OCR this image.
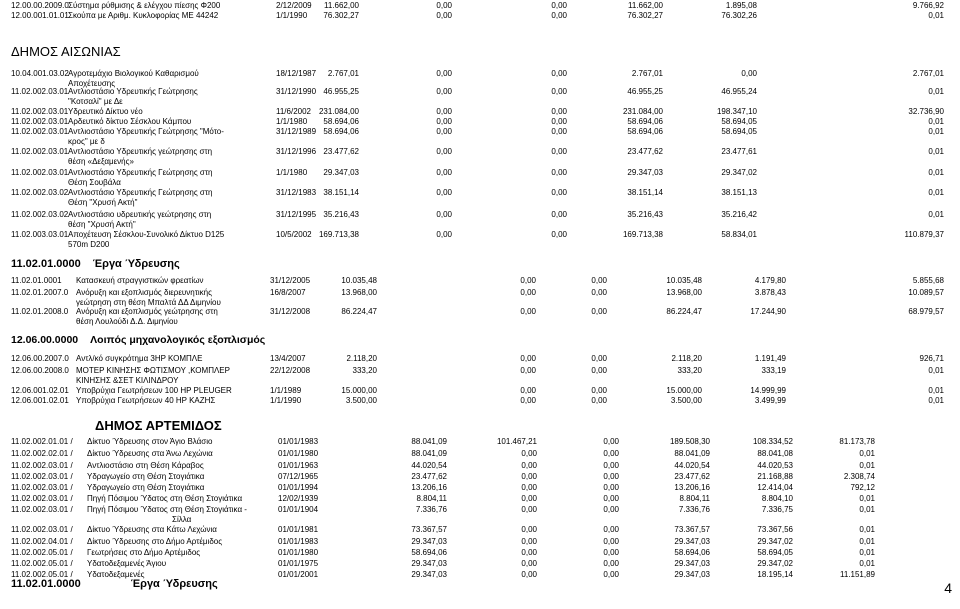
12.00.00.2009.0 Σύστημα ρύθμισης & ελέγχου πίεσης Φ200	2/12/2009 11.662,00	0,00	0,00	11.662,00	1.895,08	9.766,92
12.00.001.01.01 Σκούπα με Αριθμ. Κυκλοφορίας ΜΕ 44242	1/1/1990 76.302,27	0,00	0,00	76.302,27	76.302,26	0,01
ΔΗΜΟΣ ΑΙΣΩΝΙΑΣ
10.04.001.03.02 Αγροτεμάχιο Βιολογικού Καθαρισμού	18/12/1987 2.767,01	0,00	0,00	2.767,01	0,00	2.767,01
Αποχέτευσης
11.02.002.03.01 Αντλιοστάσιο Υδρευτικής Γεώτρησης	31/12/1990 46.955,25	0,00	0,00	46.955,25	46.955,24	0,01
"Κοτσαλί" με Δε
11.02.002.03.01 Υδρευτικό Δίκτυο νέο	11/6/2002 231.084,00	0,00	0,00	231.084,00	198.347,10	32.736,90
11.02.002.03.01 Αρδευτικό δίκτυο Σέσκλου Κάμπου	1/1/1980 58.694,06	0,00	0,00	58.694,06	58.694,05	0,01
11.02.002.03.01 Αντλιοστάσιο Υδρευτικής Γεώτρησης "Μότο-	31/12/1989 58.694,06	0,00	0,00	58.694,06	58.694,05	0,01
κρος" με δ
11.02.002.03.01 Αντλιοστάσιο Υδρευτικής γεώτρησης στη	31/12/1996 23.477,62	0,00	0,00	23.477,62	23.477,61	0,01
θέση «Δεξαμενής»
11.02.002.03.01 Αντλιοστάσιο Υδρευτικής Γεώτρησης στη	1/1/1980 29.347,03	0,00	0,00	29.347,03	29.347,02	0,01
Θέση Σουβάλα
11.02.002.03.02 Αντλιοστάσιο Υδρευτικής Γεώτρησης στη	31/12/1983 38.151,14	0,00	0,00	38.151,14	38.151,13	0,01
Θέση "Χρυσή Ακτή"
11.02.002.03.02 Αντλιοστάσιο υδρευτικής γεώτρησης στη	31/12/1995 35.216,43	0,00	0,00	35.216,43	35.216,42	0,01
θέση "Χρυσή Ακτή"
11.02.003.03.01 Αποχέτευση Σέσκλου-Συνολικό Δίκτυο D125	10/5/2002 169.713,38	0,00	0,00	169.713,38	58.834,01	110.879,37
570m D200
11.02.01.0000 Έργα Ύδρευσης
11.02.01.0001 Κατασκευή στραγγιστικών φρεατίων	31/12/2005	10.035,48	0,00	0,00	10.035,48	4.179,80	5.855,68
11.02.01.2007.0 Ανόρυξη και εξοπλισμός διερευνητικής	16/8/2007	13.968,00	0,00	0,00	13.968,00	3.878,43	10.089,57
γεώτρηση στη θέση Μπαλτά ΔΔ Διμηνίου
11.02.01.2008.0 Ανόρυξη και εξοπλισμός γεώτρησης στη	31/12/2008	86.224,47	0,00	0,00	86.224,47	17.244,90	68.979,57
θέση Λουλούδι Δ.Δ. Διμηνίου
12.06.00.0000 Λοιπός μηχανολογικός εξοπλισμός
12.06.00.2007.0 Αντλ/κό συγκρότημα 3ΗΡ ΚΟΜΠΛΕ	13/4/2007	2.118,20	0,00	0,00	2.118,20	1.191,49	926,71
12.06.00.2008.0 ΜΟΤΕΡ ΚΙΝΗΣΗΣ ΦΩΤΙΣΜΟΥ ,ΚΟΜΠΛΕΡ	22/12/2008	333,20	0,00	0,00	333,20	333,19	0,01
ΚΙΝΗΣΗΣ &ΣΕΤ ΚΙΛΙΝΔΡΟΥ
12.06.001.02.01 Υποβρύχια Γεωτρήσεων 100 HP PLEUGER	1/1/1989	15.000,00	0,00	0,00	15.000,00	14.999,99	0,01
12.06.001.02.01 Υποβρύχια Γεωτρήσεων 40 HP ΚΑΖΗΣ	1/1/1990	3.500,00	0,00	0,00	3.500,00	3.499,99	0,01
ΔΗΜΟΣ ΑΡΤΕΜΙΔΟΣ
11.02.002.01.01 / Δίκτυο Ύδρευσης στον Άγιο Βλάσιο	01/01/1983	88.041,09	101.467,21	0,00	189.508,30	108.334,52	81.173,78
11.02.002.02.01 / Δίκτυο Ύδρευσης στα Άνω Λεχώνια	01/01/1980	88.041,09	0,00	0,00	88.041,09	88.041,08	0,01
11.02.002.03.01 / Αντλιοστάσιο στη Θέση Κάραβος	01/01/1963	44.020,54	0,00	0,00	44.020,54	44.020,53	0,01
11.02.002.03.01 / Υδραγωγείο στη Θέση Στογιάτικα	07/12/1965	23.477,62	0,00	0,00	23.477,62	21.168,88	2.308,74
11.02.002.03.01 / Υδραγωγείο στη Θέση Στογιάτικα	01/01/1994	13.206,16	0,00	0,00	13.206,16	12.414,04	792,12
11.02.002.03.01 / Πηγή Πόσιμου Ύδατος στη Θέση Στογιάτικα	12/02/1939	8.804,11	0,00	0,00	8.804,11	8.804,10	0,01
11.02.002.03.01 / Πηγή Πόσιμου Ύδατος στη Θέση Στογιάτικα -	01/01/1904	7.336,76	0,00	0,00	7.336,76	7.336,75	0,01
Σίλλα
11.02.002.03.01 / Δίκτυο Ύδρευσης στα Κάτω Λεχώνια	01/01/1981	73.367,57	0,00	0,00	73.367,57	73.367,56	0,01
11.02.002.04.01 / Δίκτυο Ύδρευσης στο Δήμο Αρτέμιδος	01/01/1983	29.347,03	0,00	0,00	29.347,03	29.347,02	0,01
11.02.002.05.01 / Γεωτρήσεις στο Δήμο Αρτέμιδος	01/01/1980	58.694,06	0,00	0,00	58.694,06	58.694,05	0,01
11.02.002.05.01 / Υδατοδεξαμενές Άγιου	01/01/1975	29.347,03	0,00	0,00	29.347,03	29.347,02	0,01
11.02.002.05.01 / Υδατοδεξαμενές	01/01/2001	29.347,03	0,00	0,00	29.347,03	18.195,14	11.151,89
11.02.01.0000	Έργα Ύδρευσης	4
